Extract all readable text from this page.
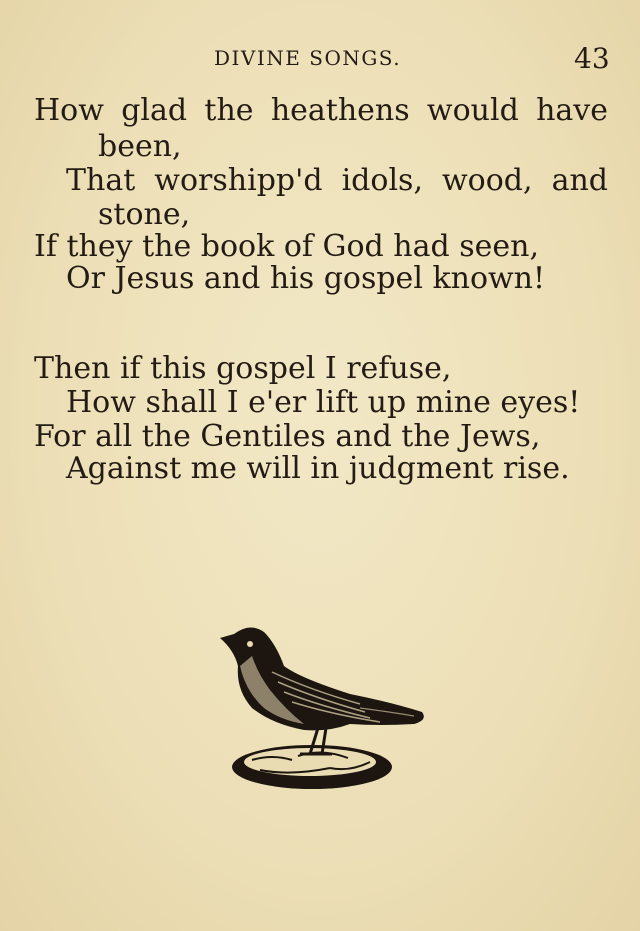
DIVINE SONGS.	43
How glad the heathens would have
been,
That worshipp'd idols, wood, and
stone,
If they the book of God had seen,
Or Jesus and his gospel known!
Then if this gospel I refuse,
How shall I e'er lift up mine eyes!
For all the Gentiles and the Jews,
Against me will in judgment rise.
